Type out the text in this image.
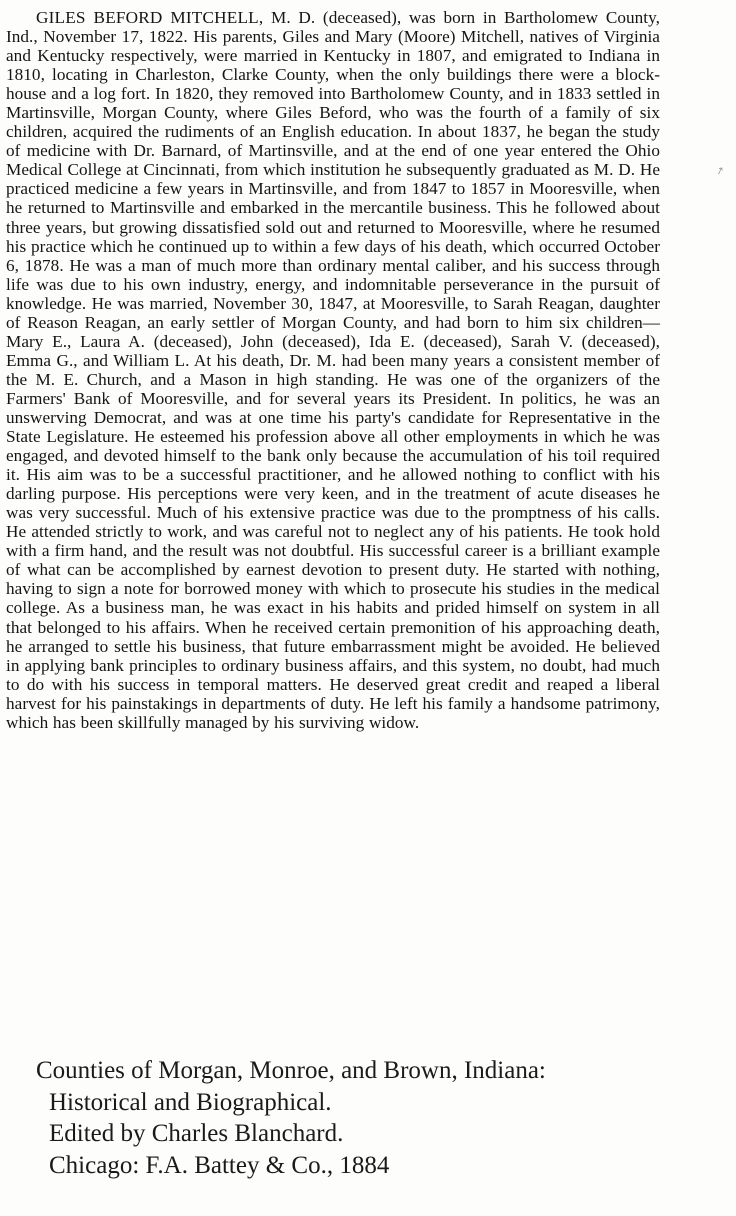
GILES BEFORD MITCHELL, M. D. (deceased), was born in Bartholomew County, Ind., November 17, 1822. His parents, Giles and Mary (Moore) Mitchell, natives of Virginia and Kentucky respectively, were married in Kentucky in 1807, and emigrated to Indiana in 1810, locating in Charleston, Clarke County, when the only buildings there were a block-house and a log fort. In 1820, they removed into Bartholomew County, and in 1833 settled in Martinsville, Morgan County, where Giles Beford, who was the fourth of a family of six children, acquired the rudiments of an English education. In about 1837, he began the study of medicine with Dr. Barnard, of Martinsville, and at the end of one year entered the Ohio Medical College at Cincinnati, from which institution he subsequently graduated as M. D. He practiced medicine a few years in Martinsville, and from 1847 to 1857 in Mooresville, when he returned to Martinsville and embarked in the mercantile business. This he followed about three years, but growing dissatisfied sold out and returned to Mooresville, where he resumed his practice which he continued up to within a few days of his death, which occurred October 6, 1878. He was a man of much more than ordinary mental caliber, and his success through life was due to his own industry, energy, and indomnitable perseverance in the pursuit of knowledge. He was married, November 30, 1847, at Mooresville, to Sarah Reagan, daughter of Reason Reagan, an early settler of Morgan County, and had born to him six children—Mary E., Laura A. (deceased), John (deceased), Ida E. (deceased), Sarah V. (deceased), Emma G., and William L. At his death, Dr. M. had been many years a consistent member of the M. E. Church, and a Mason in high standing. He was one of the organizers of the Farmers' Bank of Mooresville, and for several years its President. In politics, he was an unswerving Democrat, and was at one time his party's candidate for Representative in the State Legislature. He esteemed his profession above all other employments in which he was engaged, and devoted himself to the bank only because the accumulation of his toil required it. His aim was to be a successful practitioner, and he allowed nothing to conflict with his darling purpose. His perceptions were very keen, and in the treatment of acute diseases he was very successful. Much of his extensive practice was due to the promptness of his calls. He attended strictly to work, and was careful not to neglect any of his patients. He took hold with a firm hand, and the result was not doubtful. His successful career is a brilliant example of what can be accomplished by earnest devotion to present duty. He started with nothing, having to sign a note for borrowed money with which to prosecute his studies in the medical college. As a business man, he was exact in his habits and prided himself on system in all that belonged to his affairs. When he received certain premonition of his approaching death, he arranged to settle his business, that future embarrassment might be avoided. He believed in applying bank principles to ordinary business affairs, and this system, no doubt, had much to do with his success in temporal matters. He deserved great credit and reaped a liberal harvest for his painstakings in departments of duty. He left his family a handsome patrimony, which has been skillfully managed by his surviving widow.

↗
Counties of Morgan, Monroe, and Brown, Indiana:
Historical and Biographical.
Edited by Charles Blanchard.
Chicago: F.A. Battey & Co., 1884
